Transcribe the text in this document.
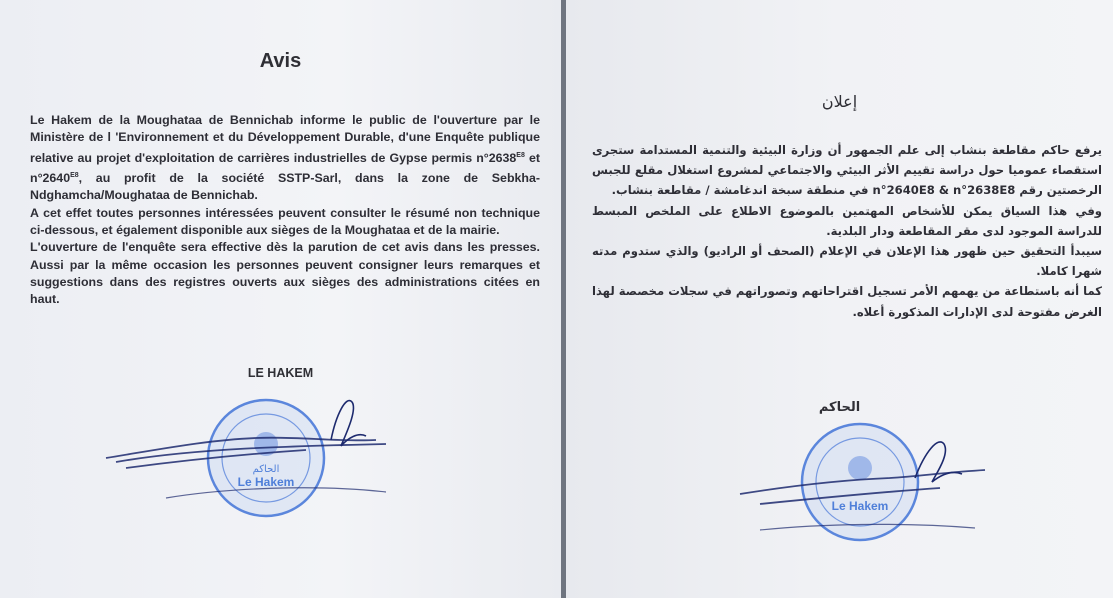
Avis

Le Hakem de la Moughataa de Bennichab informe le public de l'ouverture par le Ministère de l 'Environnement et du Développement Durable, d'une Enquête publique relative au projet d'exploitation de carrières industrielles de Gypse permis $n^\circ 2638^{E8}$ et $n^\circ 2640^{E8}$, au profit de la société SSTP-Sarl, dans la zone de Sebkha-Ndghamcha/Moughataa de Bennichab.

A cet effet toutes personnes intéressées peuvent consulter le résumé non technique ci-dessous, et également disponible aux sièges de la Moughataa et de la mairie.

L'ouverture de l'enquête sera effective dès la parution de cet avis dans les presses. Aussi par la même occasion les personnes peuvent consigner leurs remarques et suggestions dans des registres ouverts aux sièges des administrations citées en haut.

LE HAKEM
الحاكم
Le Hakem
إعلان

يرفع حاكم مقاطعة بنشاب إلى علم الجمهور أن وزارة البيئية والتنمية المستدامة ستجرى استقصاء عموميا حول دراسة تقييم الأثر البيئي والاجتماعي لمشروع استغلال مقلع للجبس الرخصتين رقم n°2640E8 & n°2638E8 في منطقة سبخة اندغامشة / مقاطعة بنشاب.

وفي هذا السياق يمكن للأشخاص المهتمين بالموضوع الاطلاع على الملخص المبسط للدراسة الموجود لدى مقر المقاطعة ودار البلدية.

سيبدأ التحقيق حين ظهور هذا الإعلان في الإعلام (الصحف أو الراديو) والذي ستدوم مدته شهرا كاملا.

كما أنه باستطاعة من يهمهم الأمر تسجيل اقتراحاتهم وتصوراتهم في سجلات مخصصة لهذا الغرض مفتوحة لدى الإدارات المذكورة أعلاه.

الحاكم
Le Hakem
